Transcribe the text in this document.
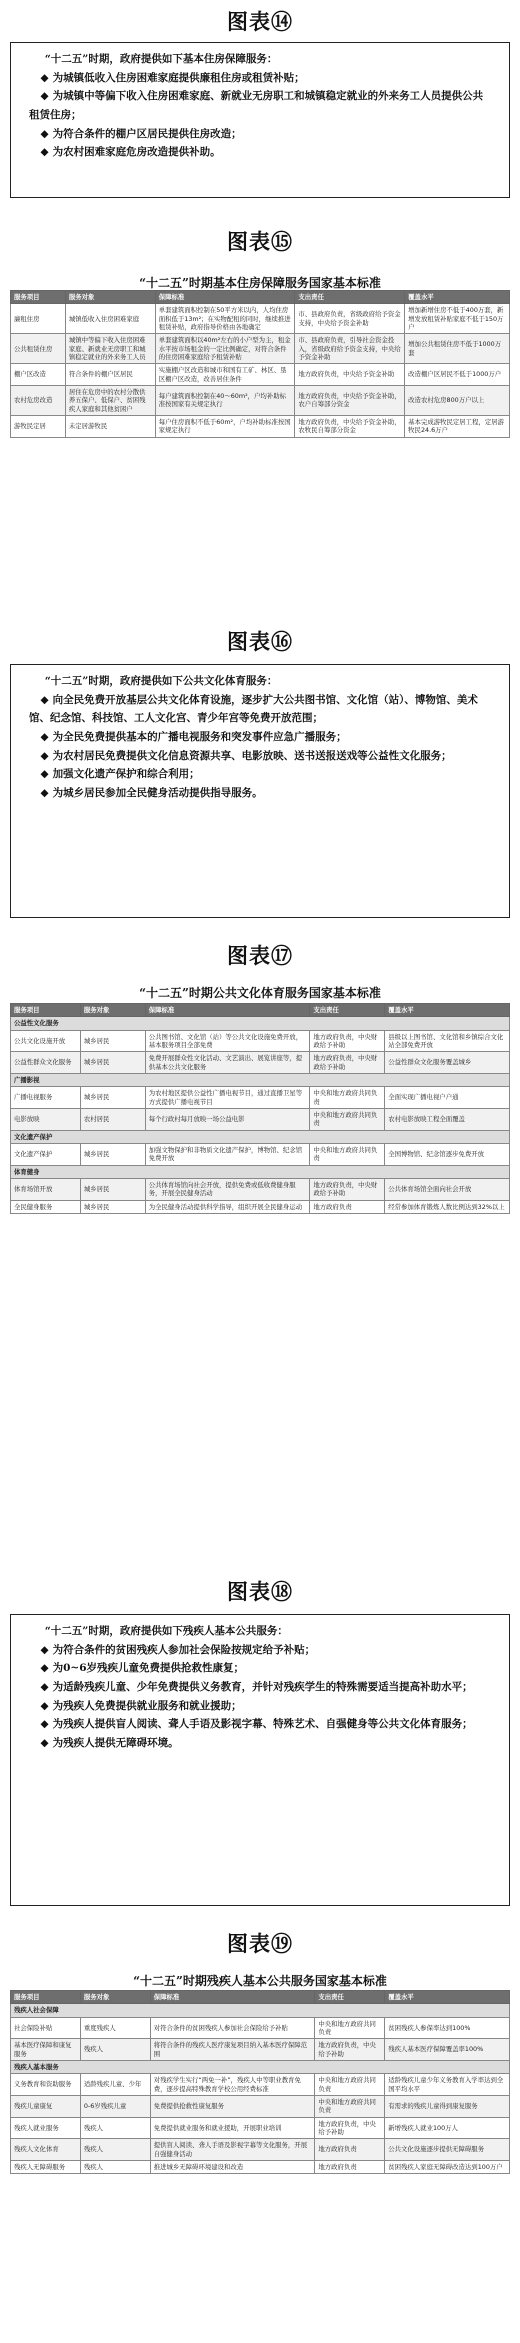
图表⑭
“十二五”时期，政府提供如下基本住房保障服务：
◆ 为城镇低收入住房困难家庭提供廉租住房或租赁补贴；
◆ 为城镇中等偏下收入住房困难家庭、新就业无房职工和城镇稳定就业的外来务工人员提供公共租赁住房；
◆ 为符合条件的棚户区居民提供住房改造；
◆ 为农村困难家庭危房改造提供补助。
图表⑮
“十二五”时期基本住房保障服务国家基本标准
服务项目	服务对象	保障标准	支出责任	覆盖水平
廉租住房	城镇低收入住房困难家庭	单套建筑面积控制在50平方米以内，人均住房面积低于13m²；在实物配租的同时，继续推进租赁补贴，政府指导价格由各地确定	市、县政府负责，省级政府给予资金支持，中央给予资金补助	增加新增住房不低于400万套，新增发放租赁补贴家庭不低于150万户
公共租赁住房	城镇中等偏下收入住房困难家庭、新就业无房职工和城镇稳定就业的外来务工人员	单套建筑面积以40m²左右的小户型为主，租金水平按市场租金的一定比例确定，对符合条件的住房困难家庭给予租赁补贴	市、县政府负责，引导社会资金投入，省级政府给予资金支持，中央给予资金补助	增加公共租赁住房不低于1000万套
棚户区改造	符合条件的棚户区居民	实施棚户区改造和城市和国有工矿、林区、垦区棚户区改造，改善居住条件	地方政府负责，中央给予资金补助	改造棚户区居民不低于1000万户
农村危房改造	居住在危房中的农村分散供养五保户、低保户、贫困残疾人家庭和其他贫困户	每户建筑面积控制在40～60m²，户均补助标准按国家有关规定执行	地方政府负责，中央给予资金补助，农户自筹部分资金	改造农村危房800万户以上
游牧民定居	未定居游牧民	每户住房面积不低于60m²，户均补助标准按国家规定执行	地方政府负责，中央给予资金补助，农牧民自筹部分资金	基本完成游牧民定居工程，定居游牧民24.6万户
图表⑯
“十二五”时期，政府提供如下公共文化体育服务：
◆ 向全民免费开放基层公共文化体育设施，逐步扩大公共图书馆、文化馆（站）、博物馆、美术馆、纪念馆、科技馆、工人文化宫、青少年宫等免费开放范围；
◆ 为全民免费提供基本的广播电视服务和突发事件应急广播服务；
◆ 为农村居民免费提供文化信息资源共享、电影放映、送书送报送戏等公益性文化服务；
◆ 加强文化遗产保护和综合利用；
◆ 为城乡居民参加全民健身活动提供指导服务。
图表⑰
“十二五”时期公共文化体育服务国家基本标准
服务项目	服务对象	保障标准	支出责任	覆盖水平
公益性文化服务				
公共文化设施开放	城乡居民	公共图书馆、文化馆（站）等公共文化设施免费开放，基本服务项目全部免费	地方政府负责，中央财政给予补助	县级以上图书馆、文化馆和乡镇综合文化站全部免费开放
公益性群众文化服务	城乡居民	免费开展群众性文化活动、文艺演出、展览讲座等，提供基本公共文化服务	地方政府负责，中央财政给予补助	公益性群众文化服务覆盖城乡
广播影视				
广播电视服务	城乡居民	为农村地区提供公益性广播电视节目，通过直播卫星等方式提供广播电视节目	中央和地方政府共同负责	全面实现广播电视户户通
电影放映	农村居民	每个行政村每月放映一场公益电影	中央和地方政府共同负责	农村电影放映工程全面覆盖
文化遗产保护				
文化遗产保护	城乡居民	加强文物保护和非物质文化遗产保护，博物馆、纪念馆免费开放	中央和地方政府共同负责	全国博物馆、纪念馆逐步免费开放
体育健身				
体育场馆开放	城乡居民	公共体育场馆向社会开放，提供免费或低收费健身服务，开展全民健身活动	地方政府负责，中央财政给予补助	公共体育场馆全面向社会开放
全民健身服务	城乡居民	为全民健身活动提供科学指导，组织开展全民健身运动	地方政府负责	经常参加体育锻炼人数比例达到32%以上
图表⑱
“十二五”时期，政府提供如下残疾人基本公共服务：
◆ 为符合条件的贫困残疾人参加社会保险按规定给予补贴；
◆ 为0~6岁残疾儿童免费提供抢救性康复；
◆ 为适龄残疾儿童、少年免费提供义务教育，并针对残疾学生的特殊需要适当提高补助水平；
◆ 为残疾人免费提供就业服务和就业援助；
◆ 为残疾人提供盲人阅读、聋人手语及影视字幕、特殊艺术、自强健身等公共文化体育服务；
◆ 为残疾人提供无障碍环境。
图表⑲
“十二五”时期残疾人基本公共服务国家基本标准
服务项目	服务对象	保障标准	支出责任	覆盖水平
残疾人社会保障				
社会保险补贴	重度残疾人	对符合条件的贫困残疾人参加社会保险给予补贴	中央和地方政府共同负责	贫困残疾人参保率达到100%
基本医疗保障和康复服务	残疾人	将符合条件的残疾人医疗康复项目纳入基本医疗保障范围	地方政府负责，中央给予补助	残疾人基本医疗保障覆盖率100%
残疾人基本服务				
义务教育和资助服务	适龄残疾儿童、少年	对残疾学生实行“两免一补”，残疾人中等职业教育免费，逐步提高特殊教育学校公用经费标准	中央和地方政府共同负责	适龄残疾儿童少年义务教育入学率达到全国平均水平
残疾儿童康复	0-6岁残疾儿童	免费提供抢救性康复服务	中央和地方政府共同负责	有需求的残疾儿童得到康复服务
残疾人就业服务	残疾人	免费提供就业服务和就业援助，开展职业培训	地方政府负责，中央给予补助	新增残疾人就业100万人
残疾人文化体育	残疾人	提供盲人阅读、聋人手语及影视字幕等文化服务，开展自强健身活动	地方政府负责	公共文化设施逐步提供无障碍服务
残疾人无障碍服务	残疾人	推进城乡无障碍环境建设和改造	地方政府负责	贫困残疾人家庭无障碍改造达到100万户
